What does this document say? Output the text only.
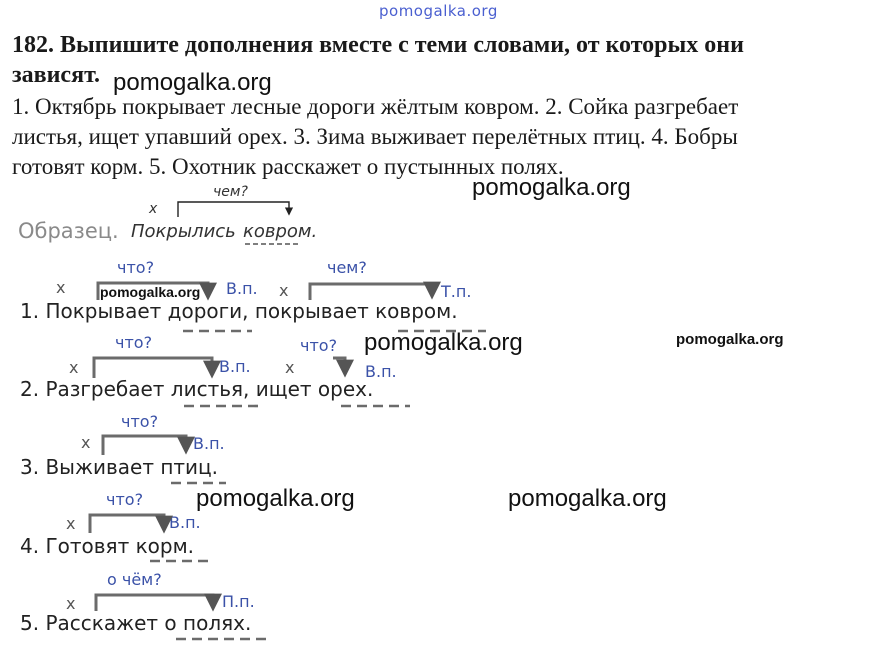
pomogalka.org
182. Выпишите дополнения вместе с теми словами, от которых они
зависят.
1. Октябрь покрывает лесные дороги жёлтым ковром. 2. Сойка разгребает
листья, ищет упавший орех. 3. Зима выживает перелётных птиц. 4. Бобры
готовят корм. 5. Охотник расскажет о пустынных полях.
Образец. Покрылись ковром.
чем?
x
1. Покрывает дороги, покрывает ковром.
x
что?
В.п. x
чем?
Т.п.
2. Разгребает листья, ищет орех.
x
что?
В.п. x
что?
В.п.
3. Выживает птиц.
x
что?
В.п.
4. Готовят корм.
x
что?
В.п.
5. Расскажет о полях.
x
о чём?
П.п.
pomogalka.org
pomogalka.org
pomogalka.org
pomogalka.org	pomogalka.org
pomogalka.org	pomogalka.org
